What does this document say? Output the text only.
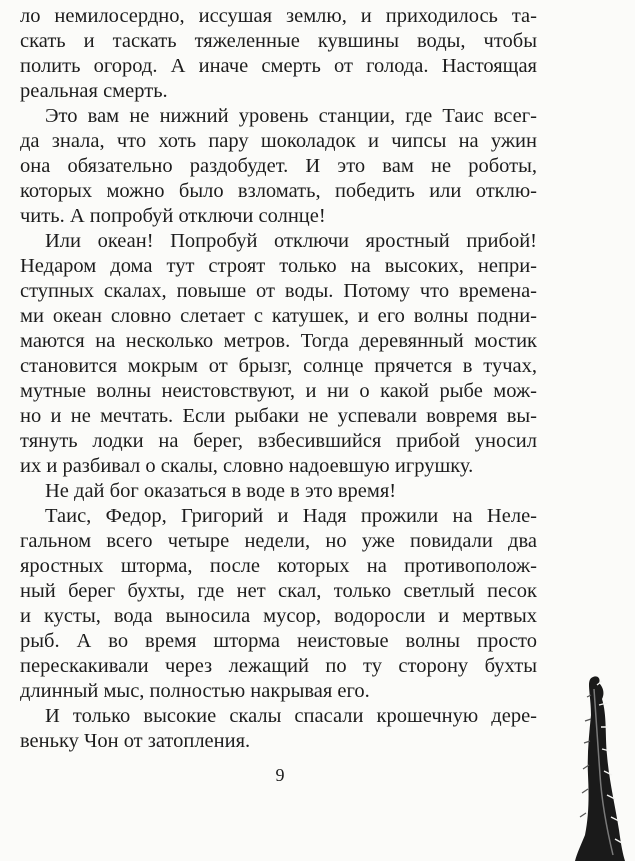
ло немилосердно, иссушая землю, и приходилось та-
скать и таскать тяжеленные кувшины воды, чтобы
полить огород. А иначе смерть от голода. Настоящая
реальная смерть.
Это вам не нижний уровень станции, где Таис всег-
да знала, что хоть пару шоколадок и чипсы на ужин
она обязательно раздобудет. И это вам не роботы,
которых можно было взломать, победить или отклю-
чить. А попробуй отключи солнце!
Или океан! Попробуй отключи яростный прибой!
Недаром дома тут строят только на высоких, непри-
ступных скалах, повыше от воды. Потому что времена-
ми океан словно слетает с катушек, и его волны подни-
маются на несколько метров. Тогда деревянный мостик
становится мокрым от брызг, солнце прячется в тучах,
мутные волны неистовствуют, и ни о какой рыбе мож-
но и не мечтать. Если рыбаки не успевали вовремя вы-
тянуть лодки на берег, взбесившийся прибой уносил
их и разбивал о скалы, словно надоевшую игрушку.
Не дай бог оказаться в воде в это время!
Таис, Федор, Григорий и Надя прожили на Нелe-
гальном всего четыре недели, но уже повидали два
яростных шторма, после которых на противополож-
ный берег бухты, где нет скал, только светлый песок
и кусты, вода выносила мусор, водоросли и мертвых
рыб. А во время шторма неистовые волны просто
перескакивали через лежащий по ту сторону бухты
длинный мыс, полностью накрывая его.
И только высокие скалы спасали крошечную дере-
веньку Чон от затопления.
9
